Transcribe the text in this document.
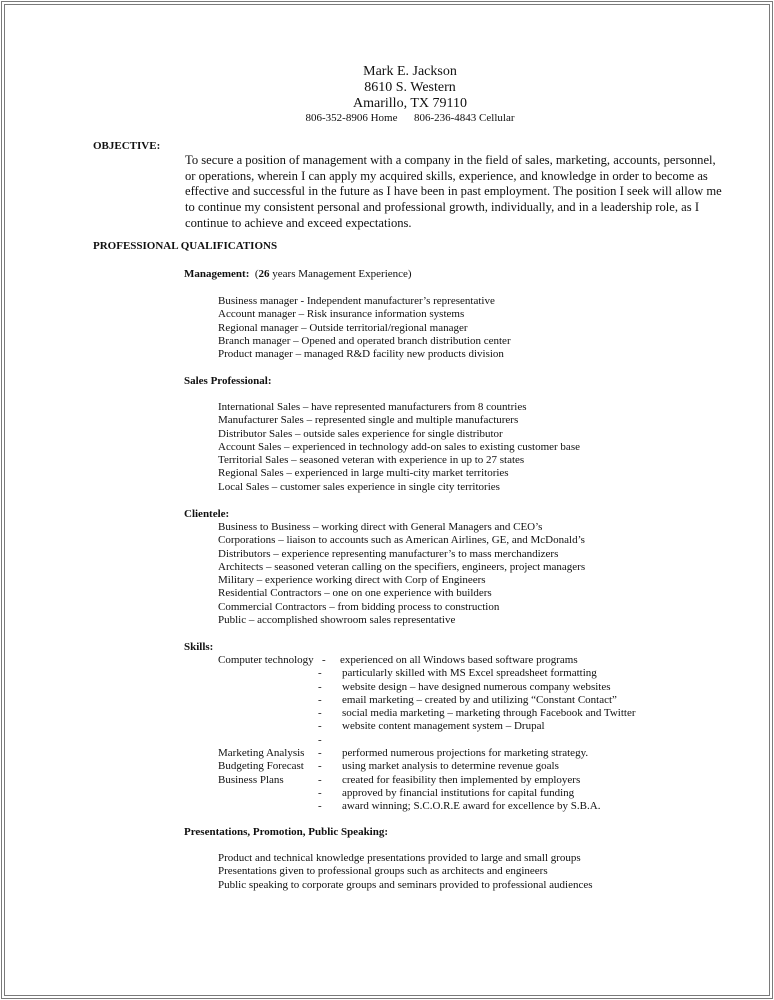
Mark E. Jackson
8610 S. Western
Amarillo, TX 79110
806-352-8906 Home      806-236-4843 Cellular
OBJECTIVE:
To secure a position of management with a company in the field of sales, marketing, accounts, personnel,
or operations, wherein I can apply my acquired skills, experience, and knowledge in order to become as
effective and successful in the future as I have been in past employment. The position I seek will allow me
to continue my consistent personal and professional growth, individually, and in a leadership role, as I
continue to achieve and exceed expectations.
PROFESSIONAL QUALIFICATIONS
Management: (26 years Management Experience)
Business manager - Independent manufacturer’s representative
Account manager – Risk insurance information systems
Regional manager – Outside territorial/regional manager
Branch manager – Opened and operated branch distribution center
Product manager – managed R&D facility new products division
Sales Professional:
International Sales – have represented manufacturers from 8 countries
Manufacturer Sales – represented single and multiple manufacturers
Distributor Sales – outside sales experience for single distributor
Account Sales – experienced in technology add-on sales to existing customer base
Territorial Sales – seasoned veteran with experience in up to 27 states
Regional Sales – experienced in large multi-city market territories
Local Sales – customer sales experience in single city territories
Clientele:
Business to Business – working direct with General Managers and CEO’s
Corporations – liaison to accounts such as American Airlines, GE, and McDonald’s
Distributors – experience representing manufacturer’s to mass merchandizers
Architects – seasoned veteran calling on the specifiers, engineers, project managers
Military – experience working direct with Corp of Engineers
Residential Contractors – one on one experience with builders
Commercial Contractors – from bidding process to construction
Public – accomplished showroom sales representative
Skills:
Computer technology - experienced on all Windows based software programs
- particularly skilled with MS Excel spreadsheet formatting
- website design – have designed numerous company websites
- email marketing – created by and utilizing “Constant Contact”
- social media marketing – marketing through Facebook and Twitter
- website content management system – Drupal
-
Marketing Analysis - performed numerous projections for marketing strategy.
Budgeting Forecast - using market analysis to determine revenue goals
Business Plans	- created for feasibility then implemented by employers
- approved by financial institutions for capital funding
- award winning; S.C.O.R.E award for excellence by S.B.A.
Presentations, Promotion, Public Speaking:
Product and technical knowledge presentations provided to large and small groups
Presentations given to professional groups such as architects and engineers
Public speaking to corporate groups and seminars provided to professional audiences
